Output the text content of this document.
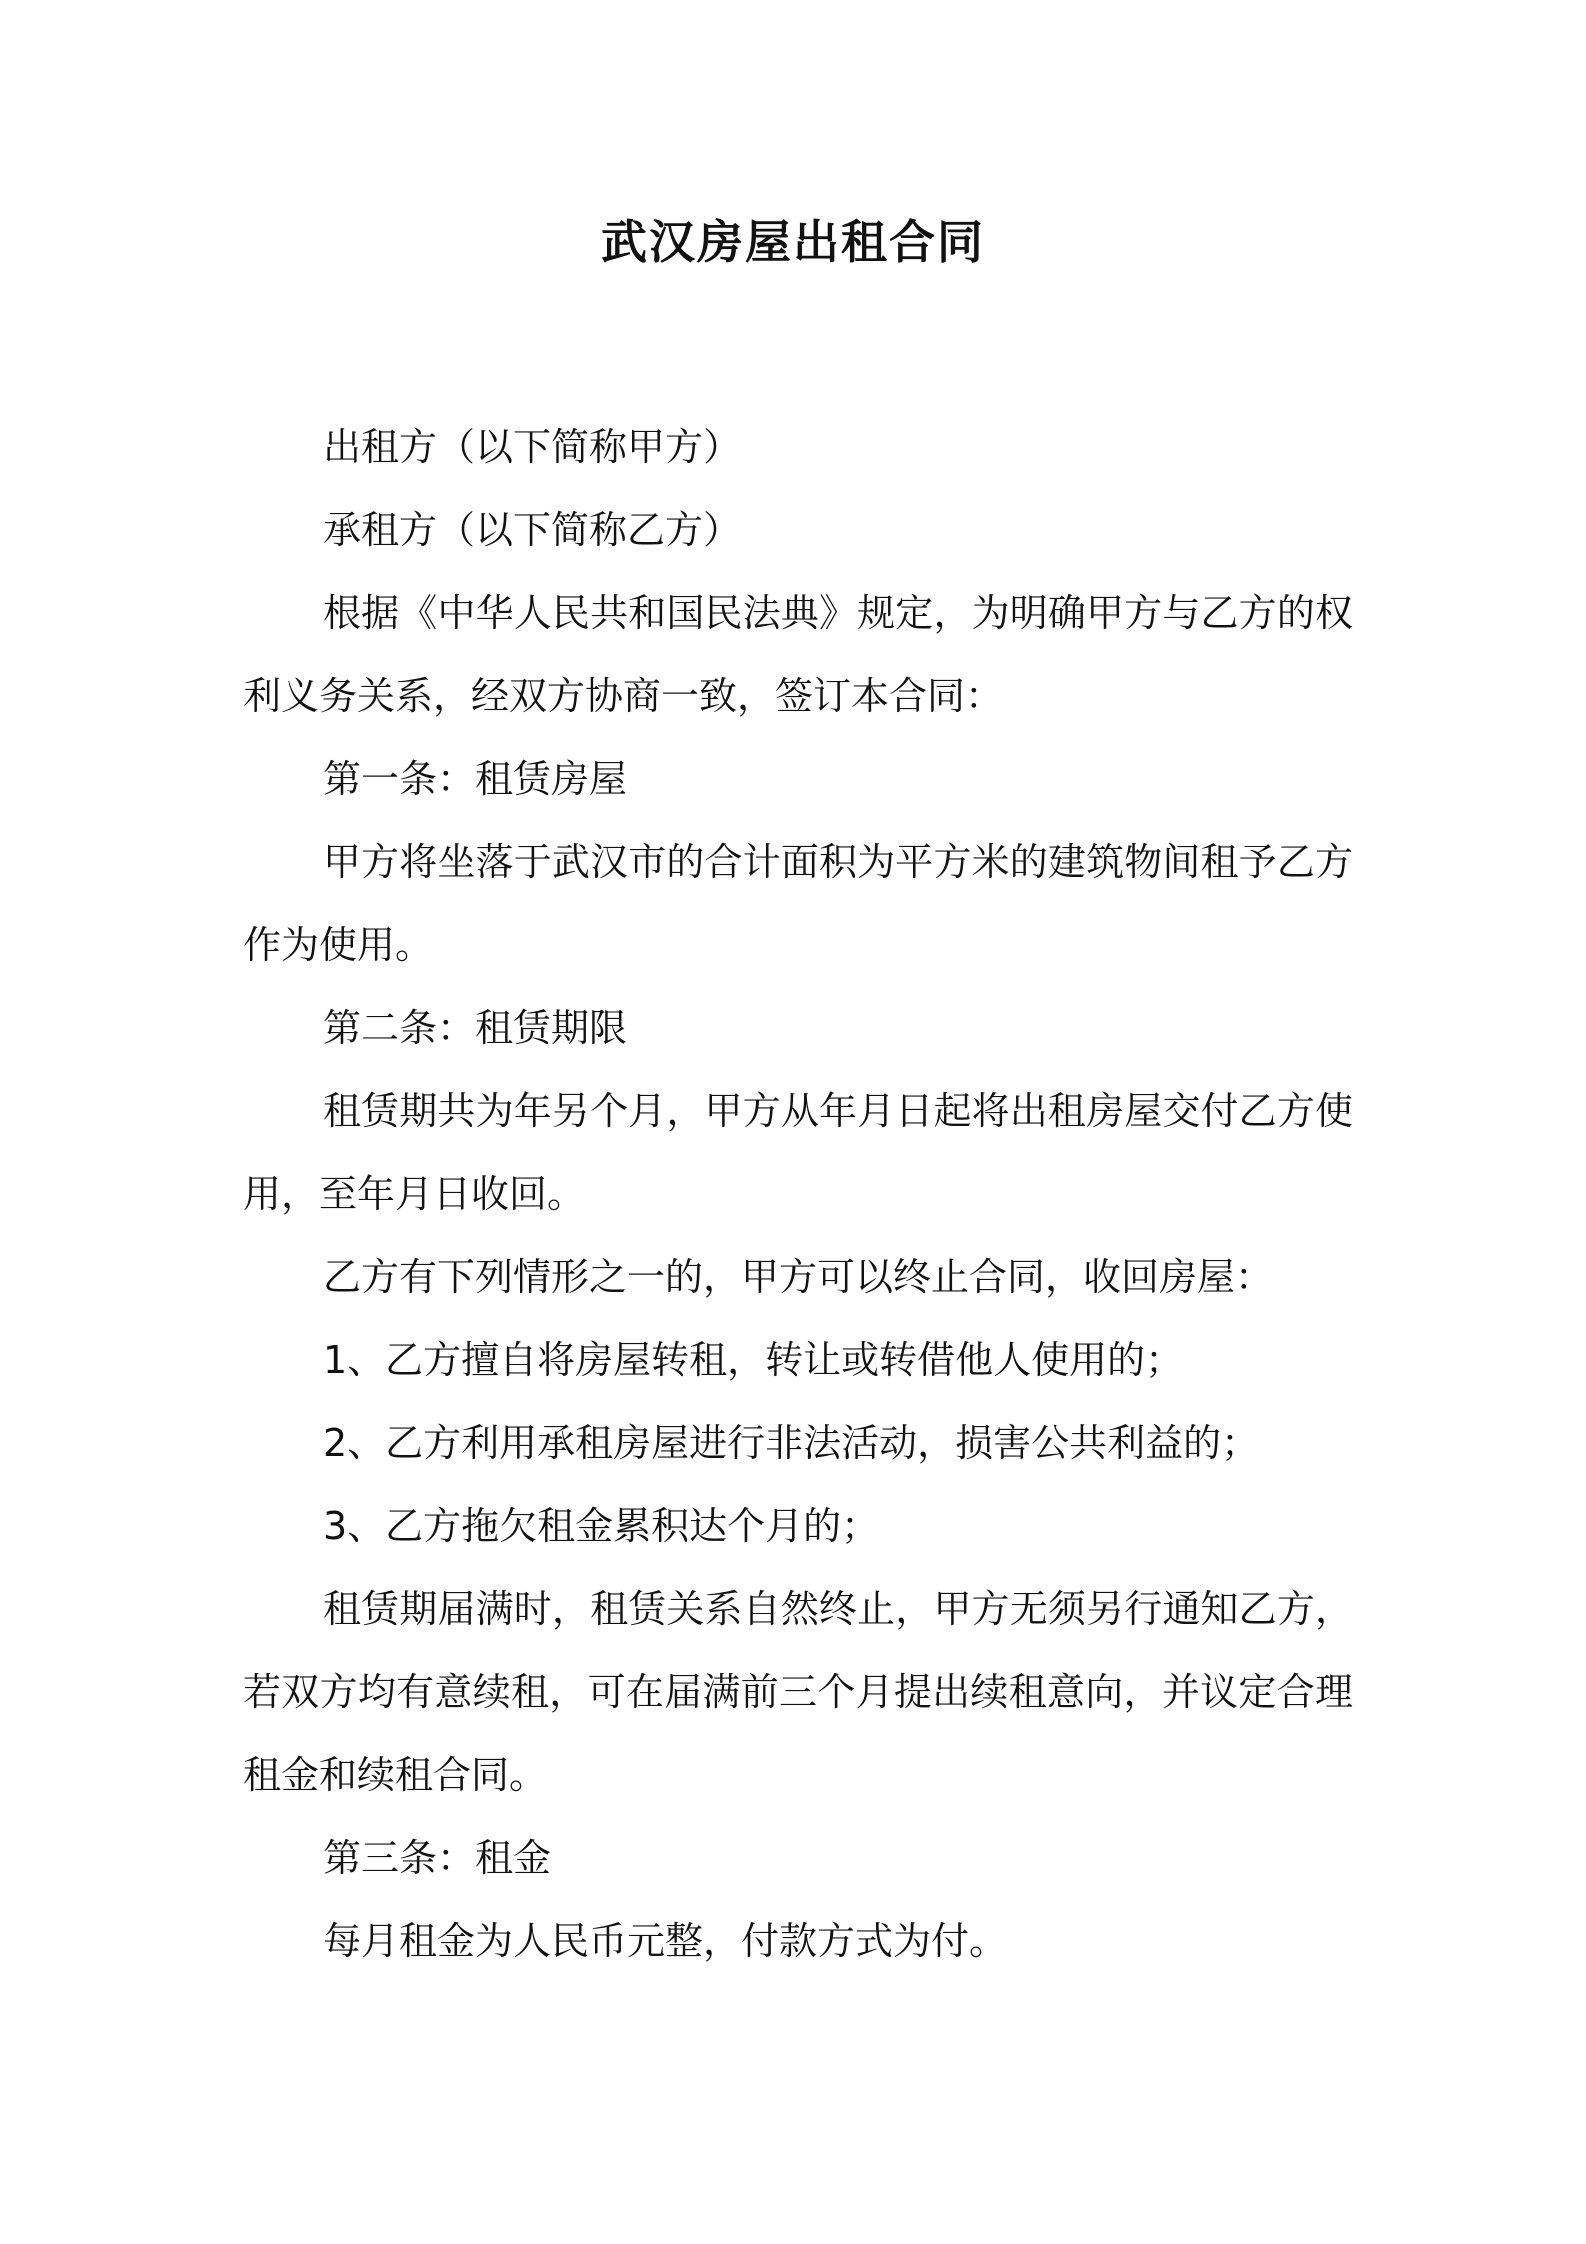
武汉房屋出租合同

出租方（以下简称甲方）

承租方（以下简称乙方）

根据《中华人民共和国民法典》规定，为明确甲方与乙方的权利义务关系，经双方协商一致，签订本合同：

第一条：租赁房屋

甲方将坐落于武汉市的合计面积为平方米的建筑物间租予乙方作为使用。

第二条：租赁期限

租赁期共为年另个月，甲方从年月日起将出租房屋交付乙方使用，至年月日收回。

乙方有下列情形之一的，甲方可以终止合同，收回房屋：

1、乙方擅自将房屋转租，转让或转借他人使用的；

2、乙方利用承租房屋进行非法活动，损害公共利益的；

3、乙方拖欠租金累积达个月的；

租赁期届满时，租赁关系自然终止，甲方无须另行通知乙方，若双方均有意续租，可在届满前三个月提出续租意向，并议定合理租金和续租合同。

第三条：租金

每月租金为人民币元整，付款方式为付。
